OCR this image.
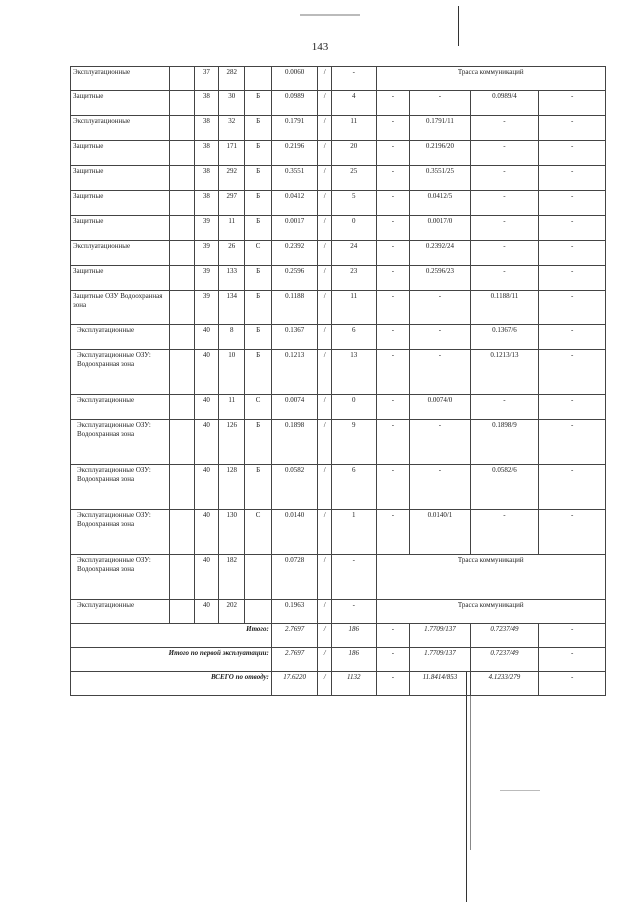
143
Эксплуатационные		37	282		0.0060	/	-	Трасса коммуникаций			
Защитные		38	30	Б	0.0989	/	4	-	-	0.0989/4	-
Эксплуатационные		38	32	Б	0.1791	/	11	-	0.1791/11	-	-
Защитные		38	171	Б	0.2196	/	20	-	0.2196/20	-	-
Защитные		38	292	Б	0.3551	/	25	-	0.3551/25	-	-
Защитные		38	297	Б	0.0412	/	5	-	0.0412/5	-	-
Защитные		39	11	Б	0.0017	/	0	-	0.0017/0	-	-
Эксплуатационные		39	26	С	0.2392	/	24	-	0.2392/24	-	-
Защитные		39	133	Б	0.2596	/	23	-	0.2596/23	-	-
Защитные ОЗУ Водоохранная зона		39	134	Б	0.1188	/	11	-	-	0.1188/11	-
Эксплуатационные		40	8	Б	0.1367	/	6	-	-	0.1367/6	-
Эксплуатационные ОЗУ: Водоохранная зона		40	10	Б	0.1213	/	13	-	-	0.1213/13	-
Эксплуатационные		40	11	С	0.0074	/	0	-	0.0074/0	-	-
Эксплуатационные ОЗУ: Водоохранная зона		40	126	Б	0.1898	/	9	-	-	0.1898/9	-
Эксплуатационные ОЗУ: Водоохранная зона		40	128	Б	0.0582	/	6	-	-	0.0582/6	-
Эксплуатационные ОЗУ: Водоохранная зона		40	130	С	0.0140	/	1	-	0.0140/1	-	-
Эксплуатационные ОЗУ: Водоохранная зона		40	182		0.0728	/	-	Трасса коммуникаций			
Эксплуатационные		40	202		0.1963	/	-	Трасса коммуникаций			
Итого:					2.7697	/	186	-	1.7709/137	0.7237/49	-
Итого по первой эксплуатации:					2.7697	/	186	-	1.7709/137	0.7237/49	-
ВСЕГО по отводу:					17.6220	/	1132	-	11.8414/853	4.1233/279	-
